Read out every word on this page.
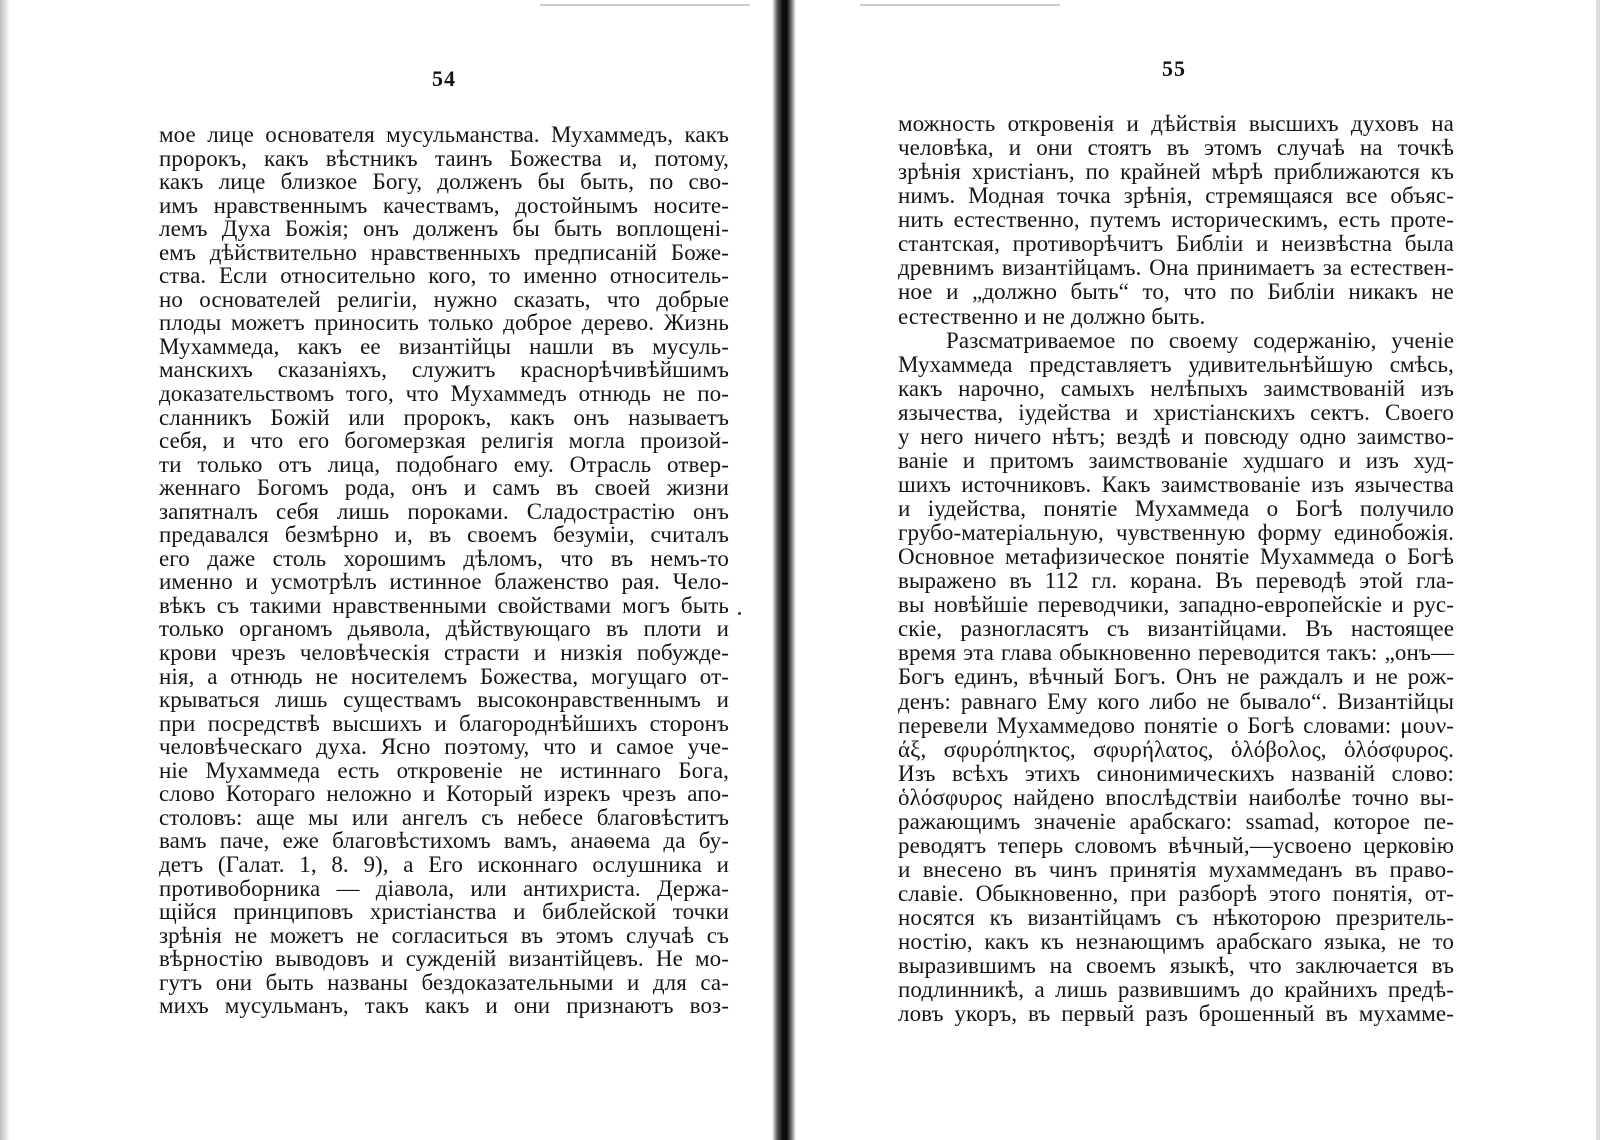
54	55
мое лице основателя мусульманства. Мухаммедъ, какъ
пророкъ, какъ вѣстникъ таинъ Божества и, потому,
какъ лице близкое Богу, долженъ бы быть, по сво-
имъ нравственнымъ качествамъ, достойнымъ носите-
лемъ Духа Божія; онъ долженъ бы быть воплощені-
емъ дѣйствительно нравственныхъ предписаній Боже-
ства. Если относительно кого, то именно относитель-
но основателей религіи, нужно сказать, что добрые
плоды можетъ приносить только доброе дерево. Жизнь
Мухаммеда, какъ ее византійцы нашли въ мусуль-
манскихъ сказаніяхъ, служитъ краснорѣчивѣйшимъ
доказательствомъ того, что Мухаммедъ отнюдь не по-
сланникъ Божій или пророкъ, какъ онъ называетъ
себя, и что его богомерзкая религія могла произой-
ти только отъ лица, подобнаго ему. Отрасль отвер-
женнаго Богомъ рода, онъ и самъ въ своей жизни
запятналъ себя лишь пороками. Сладострастію онъ
предавался безмѣрно и, въ своемъ безуміи, считалъ
его даже столь хорошимъ дѣломъ, что въ немъ-то
именно и усмотрѣлъ истинное блаженство рая. Чело-
вѣкъ съ такими нравственными свойствами могъ быть
только органомъ дьявола, дѣйствующаго въ плоти и
крови чрезъ человѣческія страсти и низкія побужде-
нія, а отнюдь не носителемъ Божества, могущаго от-
крываться лишь существамъ высоконравственнымъ и
при посредствѣ высшихъ и благороднѣйшихъ сторонъ
человѣческаго духа. Ясно поэтому, что и самое уче-
ніе Мухаммеда есть откровеніе не истиннаго Бога,
слово Котораго неложно и Который изрекъ чрезъ апо-
столовъ: аще мы или ангелъ съ небесе благовѣститъ
вамъ паче, еже благовѣстихомъ вамъ, анаѳема да бу-
детъ (Галат. 1, 8. 9), а Его исконнаго ослушника и
противоборника — діавола, или антихриста. Держа-
щійся принциповъ христіанства и библейской точки
зрѣнія не можетъ не согласиться въ этомъ случаѣ съ
вѣрностію выводовъ и сужденій византійцевъ. Не мо-
гутъ они быть названы бездоказательными и для са-
михъ мусульманъ, такъ какъ и они признаютъ воз-
можность откровенія и дѣйствія высшихъ духовъ на
человѣка, и они стоятъ въ этомъ случаѣ на точкѣ
зрѣнія христіанъ, по крайней мѣрѣ приближаются къ
нимъ. Модная точка зрѣнія, стремящаяся все объяс-
нить естественно, путемъ историческимъ, есть проте-
стантская, противорѣчитъ Библіи и неизвѣстна была
древнимъ византійцамъ. Она принимаетъ за естествен-
ное и „должно быть“ то, что по Библіи никакъ не
естественно и не должно быть.
Разсматриваемое по своему содержанію, ученіе
Мухаммеда представляетъ удивительнѣйшую смѣсь,
какъ нарочно, самыхъ нелѣпыхъ заимствованій изъ
язычества, іудейства и христіанскихъ сектъ. Своего
у него ничего нѣтъ; вездѣ и повсюду одно заимство-
ваніе и притомъ заимствованіе худшаго и изъ худ-
шихъ источниковъ. Какъ заимствованіе изъ язычества
и іудейства, понятіе Мухаммеда о Богѣ получило
грубо-матеріальную, чувственную форму единобожія.
Основное метафизическое понятіе Мухаммеда о Богѣ
выражено въ 112 гл. корана. Въ переводѣ этой гла-
вы новѣйшіе переводчики, западно-европейскіе и рус-
скіе, разногласятъ съ византійцами. Въ настоящее
время эта глава обыкновенно переводится такъ: „онъ—
Богъ единъ, вѣчный Богъ. Онъ не раждалъ и не рож-
денъ: равнаго Ему кого либо не бывало“. Византійцы
перевели Мухаммедово понятіе о Богѣ словами: μουν-
άξ, σφυρόπηκτος, σφυρήλατος, ὁλόβολος, ὁλόσφυρος.
Изъ всѣхъ этихъ синонимическихъ названій слово:
ὁλόσφυρος найдено впослѣдствіи наиболѣе точно вы-
ражающимъ значеніе арабскаго: ssamad, которое пе-
реводятъ теперь словомъ вѣчный,—усвоено церковію
и внесено въ чинъ принятія мухаммеданъ въ право-
славіе. Обыкновенно, при разборѣ этого понятія, от-
носятся къ византійцамъ съ нѣкоторою презритель-
ностію, какъ къ незнающимъ арабскаго языка, не то
выразившимъ на своемъ языкѣ, что заключается въ
подлинникѣ, а лишь развившимъ до крайнихъ предѣ-
ловъ укоръ, въ первый разъ брошенный въ мухамме-
